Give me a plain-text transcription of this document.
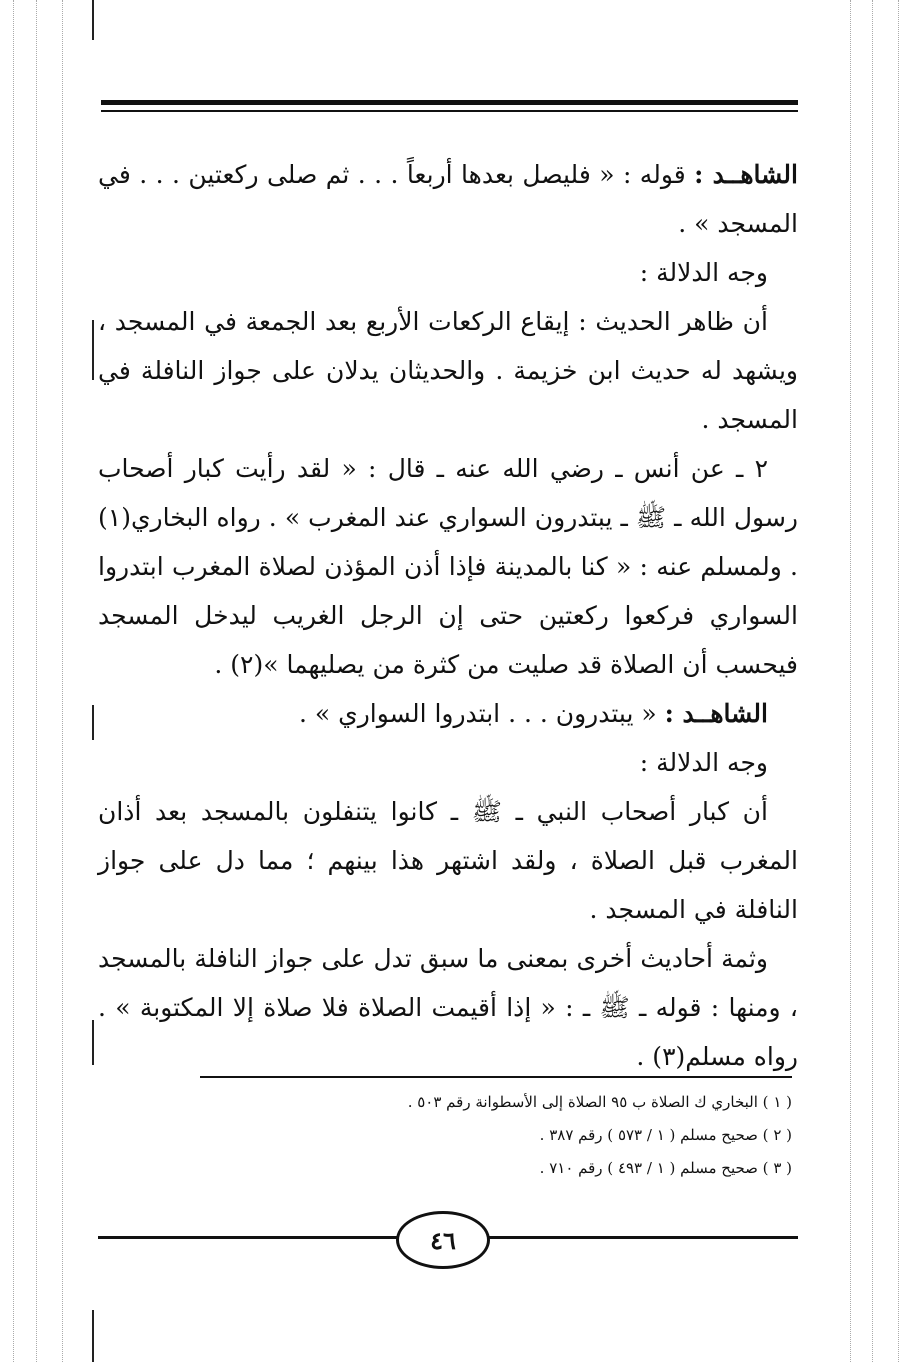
الشاهــد : قوله : « فليصل بعدها أربعاً . . . ثم صلى ركعتين . . . في المسجد » .

وجه الدلالة :

أن ظاهر الحديث : إيقاع الركعات الأربع بعد الجمعة في المسجد ، ويشهد له حديث ابن خزيمة . والحديثان يدلان على جواز النافلة في المسجد .

٢ ـ عن أنس ـ رضي الله عنه ـ قال : « لقد رأيت كبار أصحاب رسول الله ـ ﷺ ـ يبتدرون السواري عند المغرب » . رواه البخاري(١) . ولمسلم عنه : « كنا بالمدينة فإذا أذن المؤذن لصلاة المغرب ابتدروا السواري فركعوا ركعتين حتى إن الرجل الغريب ليدخل المسجد فيحسب أن الصلاة قد صليت من كثرة من يصليهما »(٢) .

الشاهــد : « يبتدرون . . . ابتدروا السواري » .

وجه الدلالة :

أن كبار أصحاب النبي ـ ﷺ ـ كانوا يتنفلون بالمسجد بعد أذان المغرب قبل الصلاة ، ولقد اشتهر هذا بينهم ؛ مما دل على جواز النافلة في المسجد .

وثمة أحاديث أخرى بمعنى ما سبق تدل على جواز النافلة بالمسجد ، ومنها : قوله ـ ﷺ ـ : « إذا أقيمت الصلاة فلا صلاة إلا المكتوبة » . رواه مسلم(٣) .

( ١ ) البخاري ك الصلاة ب ٩٥ الصلاة إلى الأسطوانة رقم ٥٠٣ .

( ٢ ) صحيح مسلم ( ١ / ٥٧٣ ) رقم ٣٨٧ .

( ٣ ) صحيح مسلم ( ١ / ٤٩٣ ) رقم ٧١٠ .

٤٦
